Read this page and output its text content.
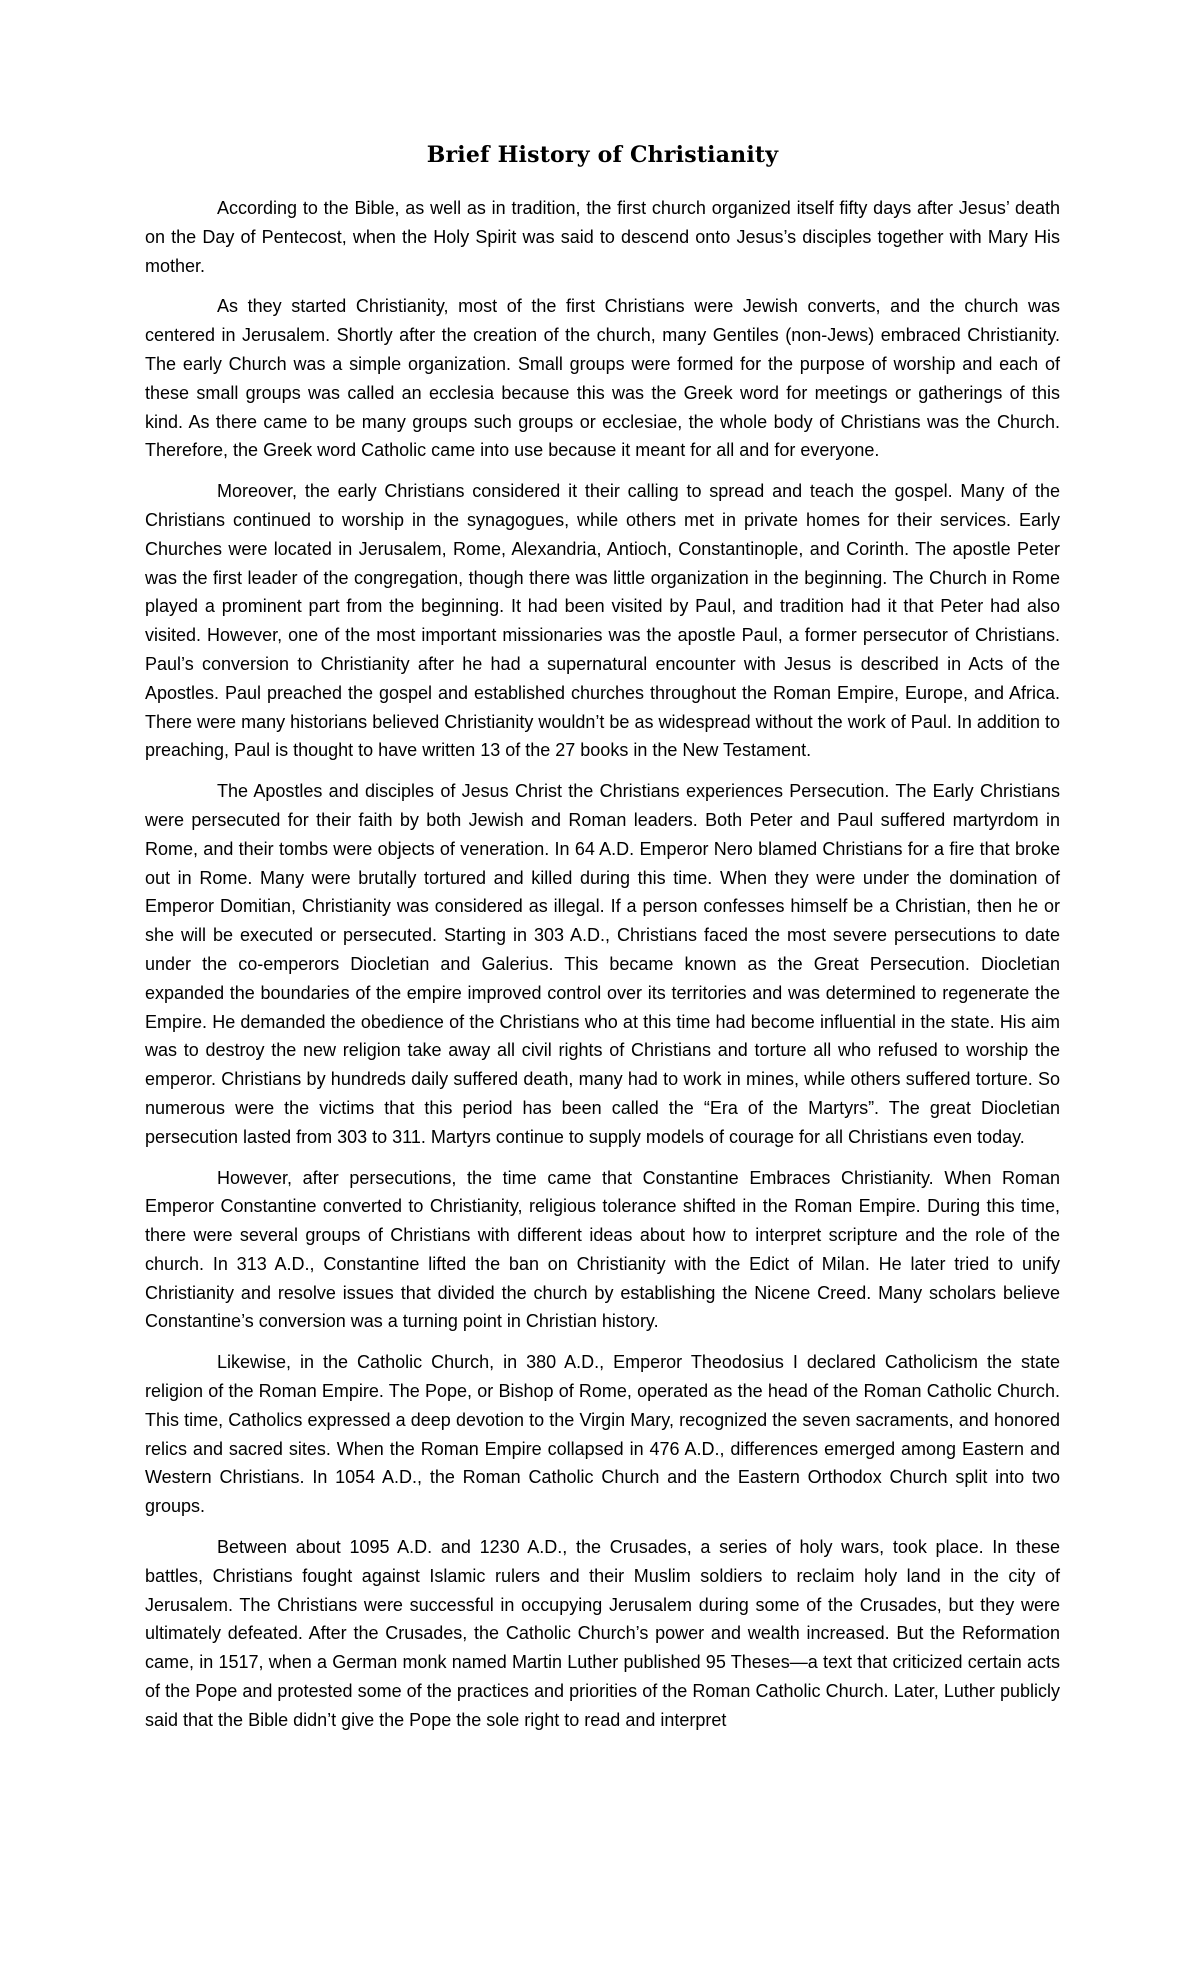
Brief History of Christianity

According to the Bible, as well as in tradition, the first church organized itself fifty days after Jesus’ death on the Day of Pentecost, when the Holy Spirit was said to descend onto Jesus’s disciples together with Mary His mother.

As they started Christianity, most of the first Christians were Jewish converts, and the church was centered in Jerusalem. Shortly after the creation of the church, many Gentiles (non-Jews) embraced Christianity. The early Church was a simple organization. Small groups were formed for the purpose of worship and each of these small groups was called an ecclesia because this was the Greek word for meetings or gatherings of this kind. As there came to be many groups such groups or ecclesiae, the whole body of Christians was the Church. Therefore, the Greek word Catholic came into use because it meant for all and for everyone.

Moreover, the early Christians considered it their calling to spread and teach the gospel. Many of the Christians continued to worship in the synagogues, while others met in private homes for their services. Early Churches were located in Jerusalem, Rome, Alexandria, Antioch, Constantinople, and Corinth. The apostle Peter was the first leader of the congregation, though there was little organization in the beginning. The Church in Rome played a prominent part from the beginning. It had been visited by Paul, and tradition had it that Peter had also visited. However, one of the most important missionaries was the apostle Paul, a former persecutor of Christians. Paul’s conversion to Christianity after he had a supernatural encounter with Jesus is described in Acts of the Apostles. Paul preached the gospel and established churches throughout the Roman Empire, Europe, and Africa. There were many historians believed Christianity wouldn’t be as widespread without the work of Paul. In addition to preaching, Paul is thought to have written 13 of the 27 books in the New Testament.

The Apostles and disciples of Jesus Christ the Christians experiences Persecution. The Early Christians were persecuted for their faith by both Jewish and Roman leaders. Both Peter and Paul suffered martyrdom in Rome, and their tombs were objects of veneration. In 64 A.D. Emperor Nero blamed Christians for a fire that broke out in Rome. Many were brutally tortured and killed during this time. When they were under the domination of Emperor Domitian, Christianity was considered as illegal. If a person confesses himself be a Christian, then he or she will be executed or persecuted. Starting in 303 A.D., Christians faced the most severe persecutions to date under the co-emperors Diocletian and Galerius. This became known as the Great Persecution. Diocletian expanded the boundaries of the empire improved control over its territories and was determined to regenerate the Empire. He demanded the obedience of the Christians who at this time had become influential in the state. His aim was to destroy the new religion take away all civil rights of Christians and torture all who refused to worship the emperor. Christians by hundreds daily suffered death, many had to work in mines, while others suffered torture. So numerous were the victims that this period has been called the “Era of the Martyrs”. The great Diocletian persecution lasted from 303 to 311. Martyrs continue to supply models of courage for all Christians even today.

However, after persecutions, the time came that Constantine Embraces Christianity. When Roman Emperor Constantine converted to Christianity, religious tolerance shifted in the Roman Empire. During this time, there were several groups of Christians with different ideas about how to interpret scripture and the role of the church. In 313 A.D., Constantine lifted the ban on Christianity with the Edict of Milan. He later tried to unify Christianity and resolve issues that divided the church by establishing the Nicene Creed. Many scholars believe Constantine’s conversion was a turning point in Christian history.

Likewise, in the Catholic Church, in 380 A.D., Emperor Theodosius I declared Catholicism the state religion of the Roman Empire. The Pope, or Bishop of Rome, operated as the head of the Roman Catholic Church. This time, Catholics expressed a deep devotion to the Virgin Mary, recognized the seven sacraments, and honored relics and sacred sites. When the Roman Empire collapsed in 476 A.D., differences emerged among Eastern and Western Christians. In 1054 A.D., the Roman Catholic Church and the Eastern Orthodox Church split into two groups.

Between about 1095 A.D. and 1230 A.D., the Crusades, a series of holy wars, took place. In these battles, Christians fought against Islamic rulers and their Muslim soldiers to reclaim holy land in the city of Jerusalem. The Christians were successful in occupying Jerusalem during some of the Crusades, but they were ultimately defeated. After the Crusades, the Catholic Church’s power and wealth increased. But the Reformation came, in 1517, when a German monk named Martin Luther published 95 Theses—a text that criticized certain acts of the Pope and protested some of the practices and priorities of the Roman Catholic Church. Later, Luther publicly said that the Bible didn’t give the Pope the sole right to read and interpret
